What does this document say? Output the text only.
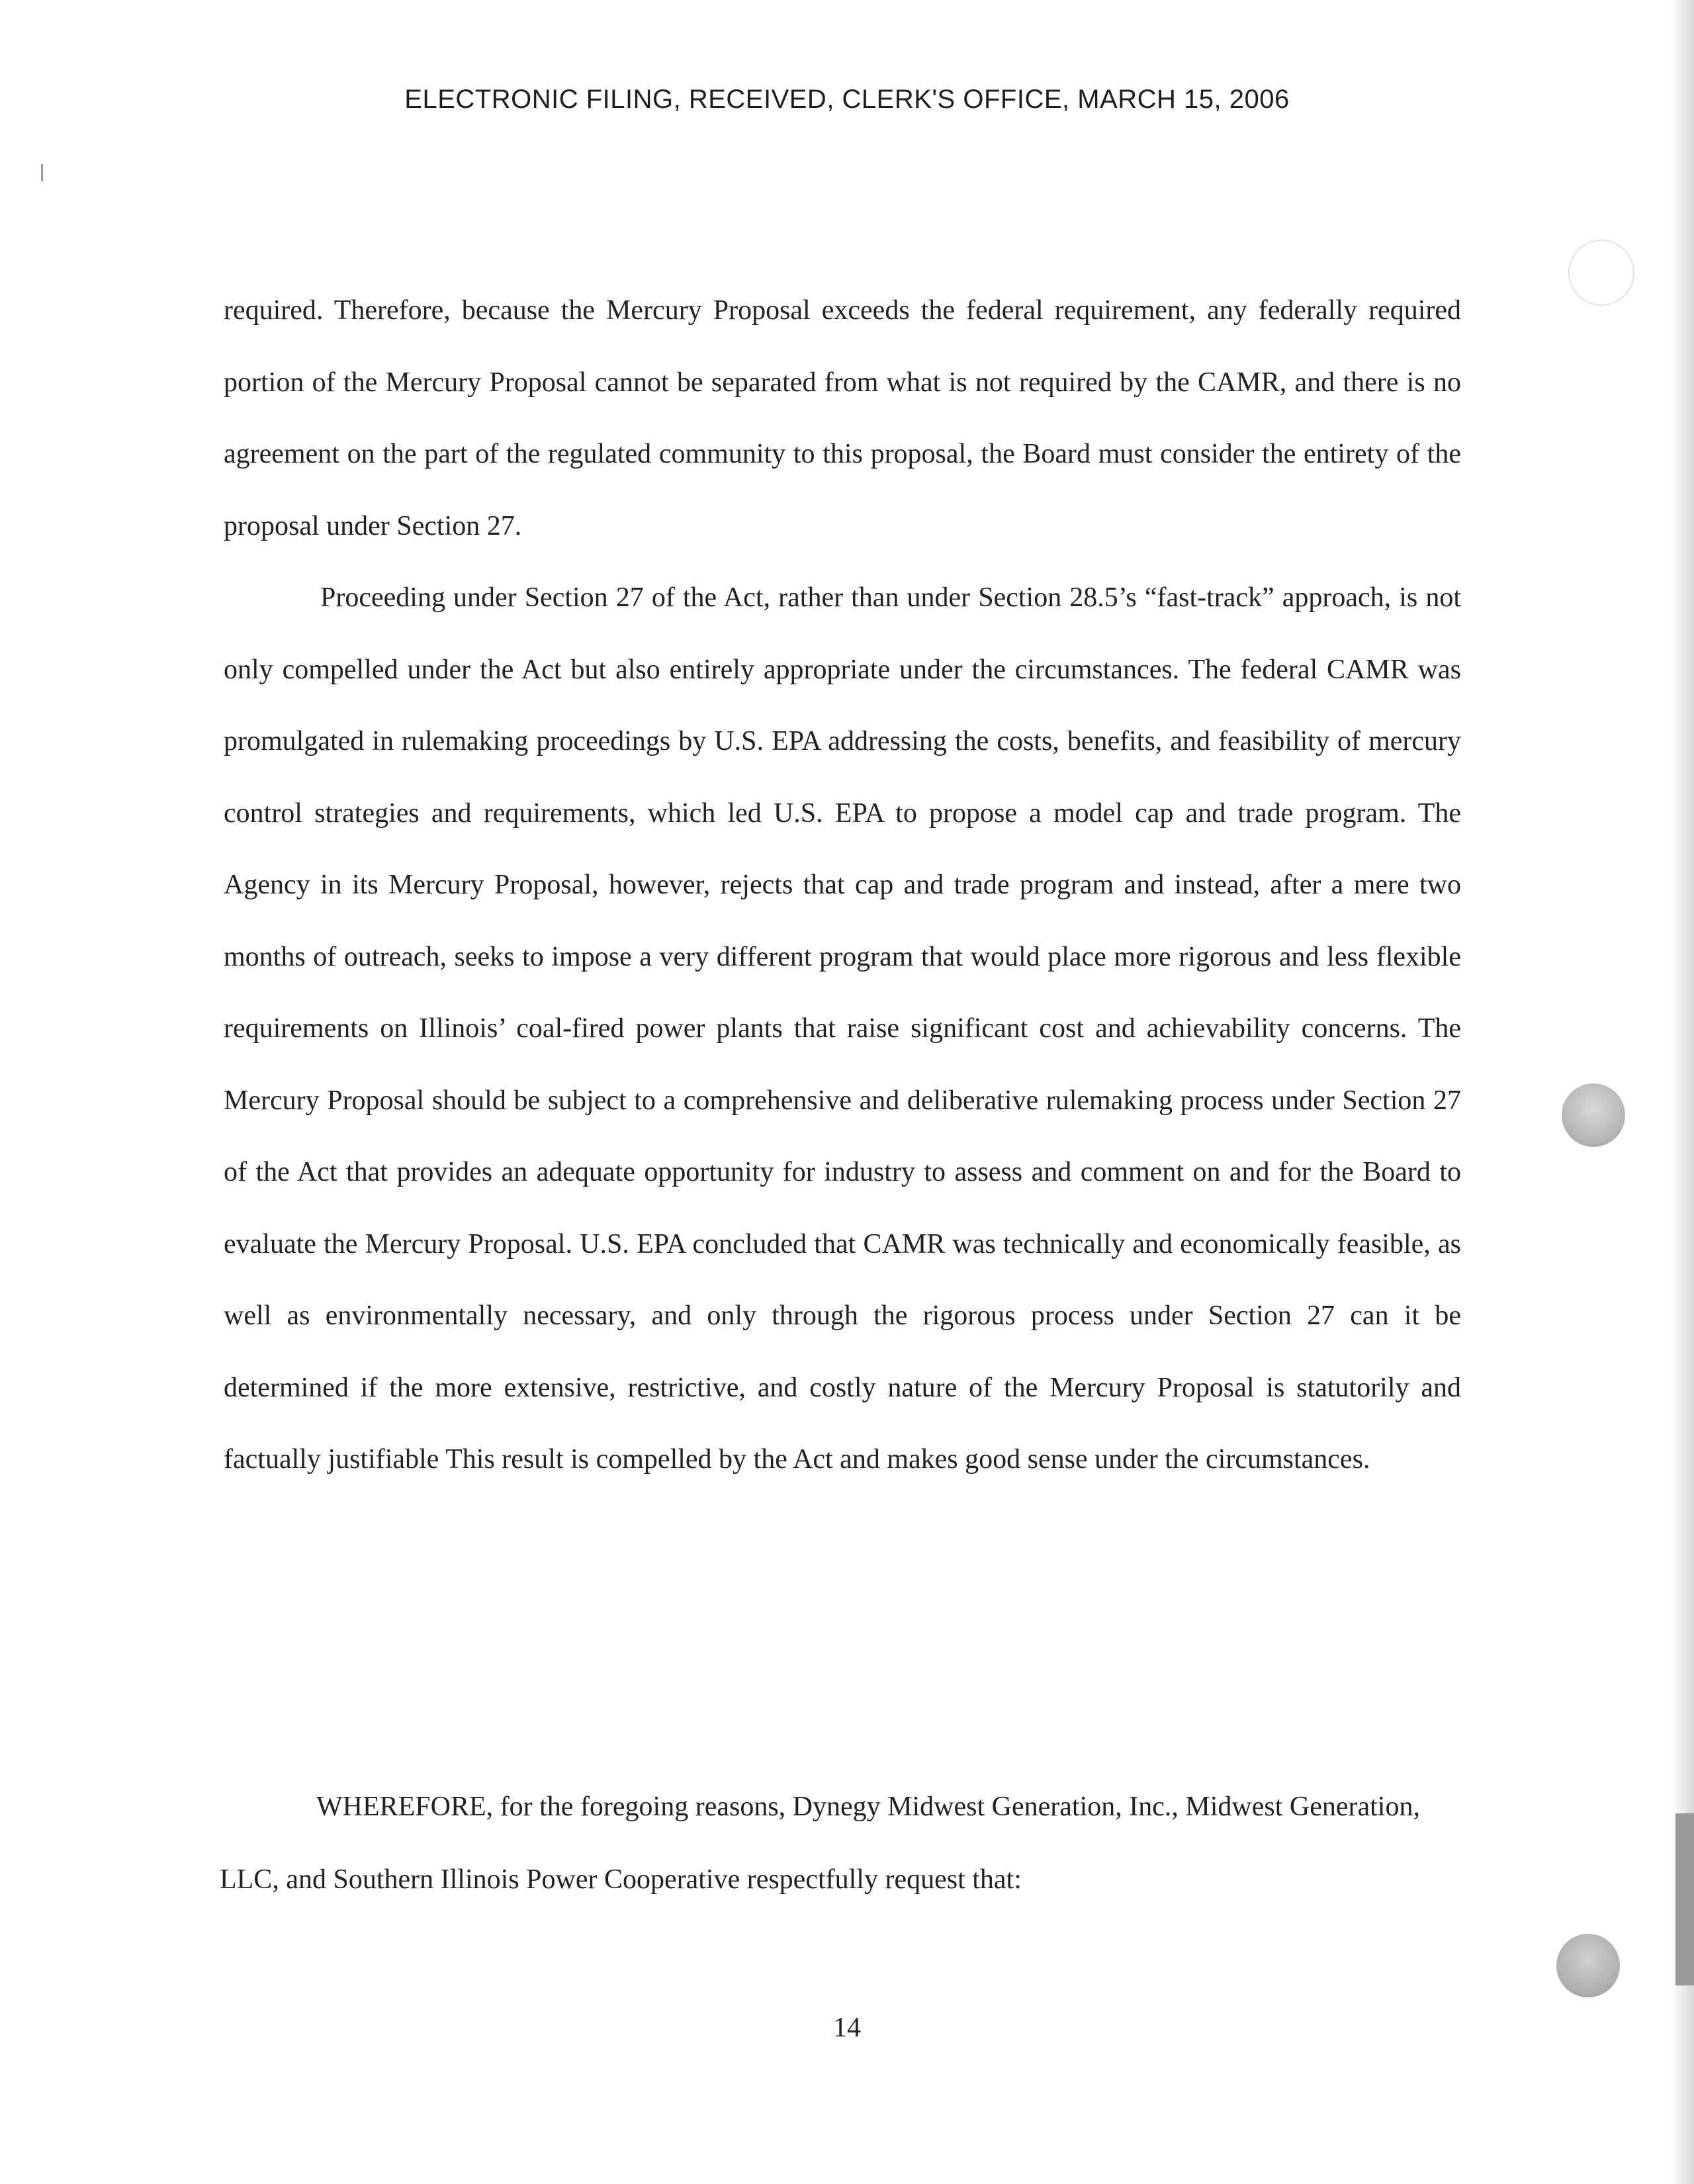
ELECTRONIC FILING, RECEIVED, CLERK'S OFFICE, MARCH 15, 2006

required. Therefore, because the Mercury Proposal exceeds the federal requirement, any federally required portion of the Mercury Proposal cannot be separated from what is not required by the CAMR, and there is no agreement on the part of the regulated community to this proposal, the Board must consider the entirety of the proposal under Section 27.

Proceeding under Section 27 of the Act, rather than under Section 28.5’s “fast-track” approach, is not only compelled under the Act but also entirely appropriate under the circumstances. The federal CAMR was promulgated in rulemaking proceedings by U.S. EPA addressing the costs, benefits, and feasibility of mercury control strategies and requirements, which led U.S. EPA to propose a model cap and trade program. The Agency in its Mercury Proposal, however, rejects that cap and trade program and instead, after a mere two months of outreach, seeks to impose a very different program that would place more rigorous and less flexible requirements on Illinois’ coal-fired power plants that raise significant cost and achievability concerns. The Mercury Proposal should be subject to a comprehensive and deliberative rulemaking process under Section 27 of the Act that provides an adequate opportunity for industry to assess and comment on and for the Board to evaluate the Mercury Proposal. U.S. EPA concluded that CAMR was technically and economically feasible, as well as environmentally necessary, and only through the rigorous process under Section 27 can it be determined if the more extensive, restrictive, and costly nature of the Mercury Proposal is statutorily and factually justifiable This result is compelled by the Act and makes good sense under the circumstances.

WHEREFORE, for the foregoing reasons, Dynegy Midwest Generation, Inc., Midwest Generation, LLC, and Southern Illinois Power Cooperative respectfully request that:

14
